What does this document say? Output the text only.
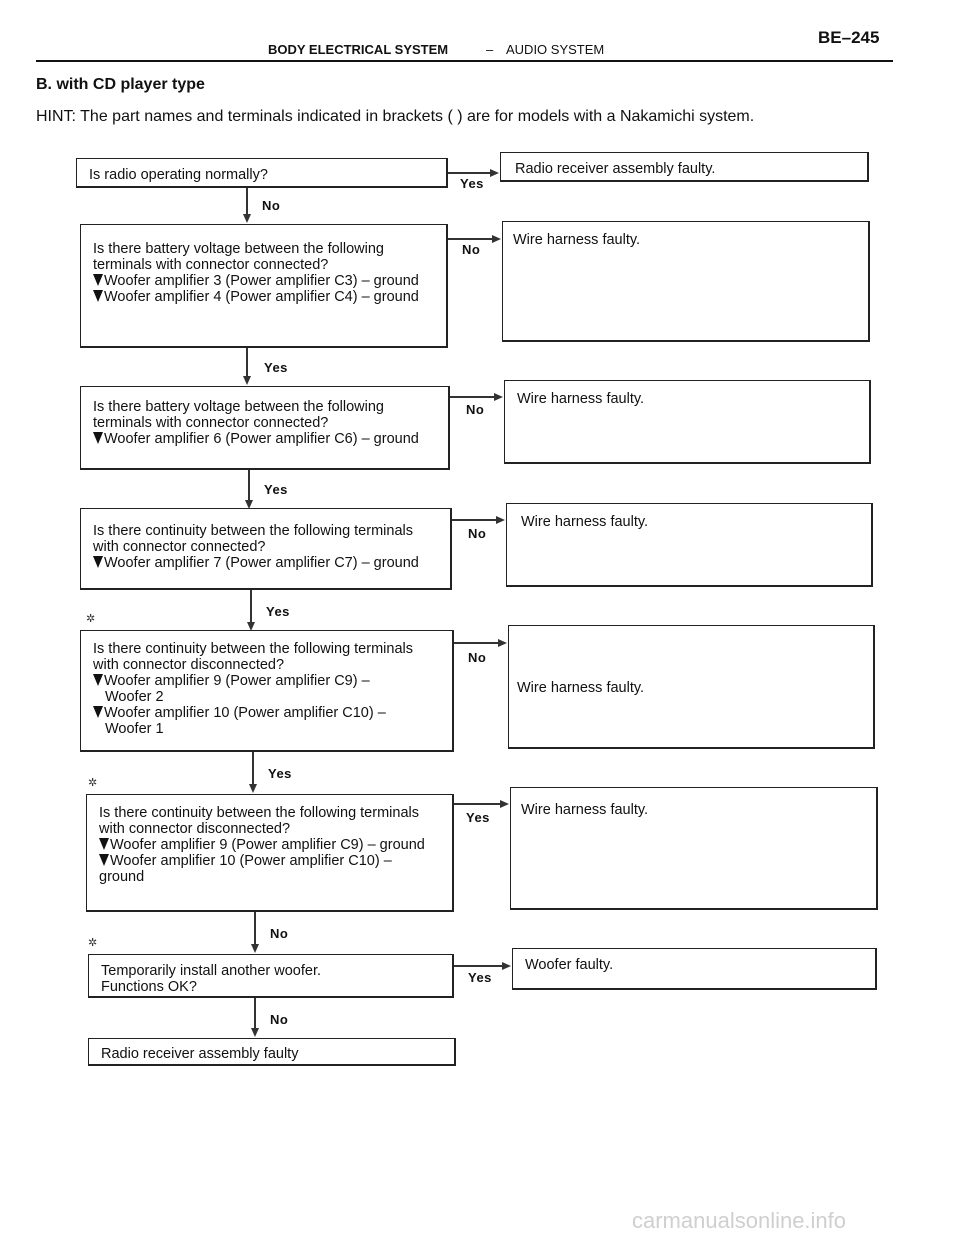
BODY ELECTRICAL SYSTEM	– AUDIO SYSTEM
BE–245
B. with CD player type
HINT: The part names and terminals indicated in brackets ( ) are for models with a Nakamichi system.
Is radio operating normally?	Radio receiver assembly faulty.
Yes
No
Is there battery voltage between the following
terminals with connector connected?
Woofer amplifier 3 (Power amplifier C3) – ground
Woofer amplifier 4 (Power amplifier C4) – ground
Wire harness faulty.
No
Yes
Is there battery voltage between the following
terminals with connector connected?
Woofer amplifier 6 (Power amplifier C6) – ground
Wire harness faulty.
No
Yes
Is there continuity between the following terminals
with connector connected?
Woofer amplifier 7 (Power amplifier C7) – ground
Wire harness faulty.
No
Yes
✲
Is there continuity between the following terminals
with connector disconnected?
Woofer amplifier 9 (Power amplifier C9) –
Woofer 2
Woofer amplifier 10 (Power amplifier C10) –
Woofer 1
Wire harness faulty.
No
Yes
✲
Is there continuity between the following terminals
with connector disconnected?
Woofer amplifier 9 (Power amplifier C9) – ground
Woofer amplifier 10 (Power amplifier C10) –
ground
Wire harness faulty.
Yes
No
✲
Temporarily install another woofer.
Functions OK?
Woofer faulty.
Yes
No
Radio receiver assembly faulty
carmanualsonline.info
